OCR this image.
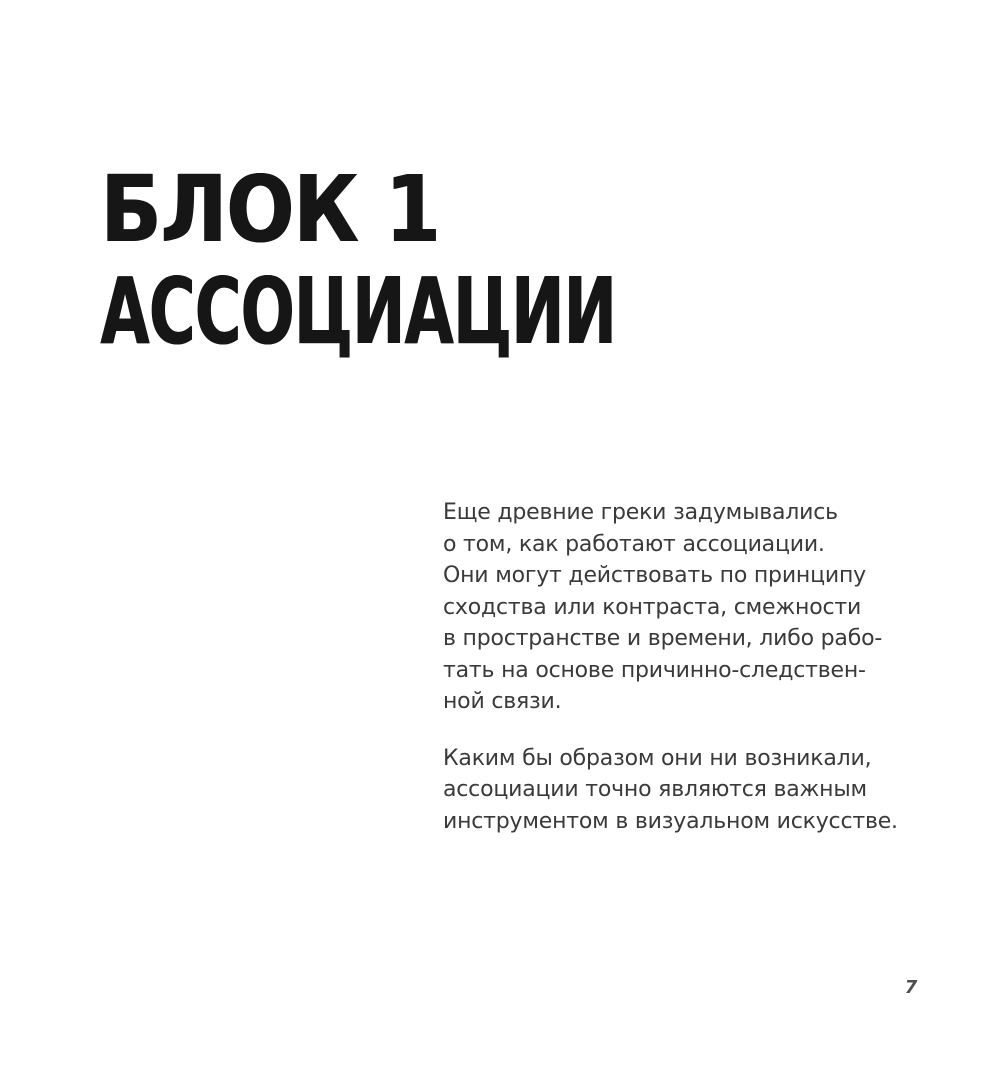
БЛОК 1
АССОЦИАЦИИ
Еще древние греки задумывались
о том, как работают ассоциации.
Они могут действовать по принципу
сходства или контраста, смежности
в пространстве и времени, либо рабо-
тать на основе причинно-следствен-
ной связи.
Каким бы образом они ни возникали,
ассоциации точно являются важным
инструментом в визуальном искусстве.
7
